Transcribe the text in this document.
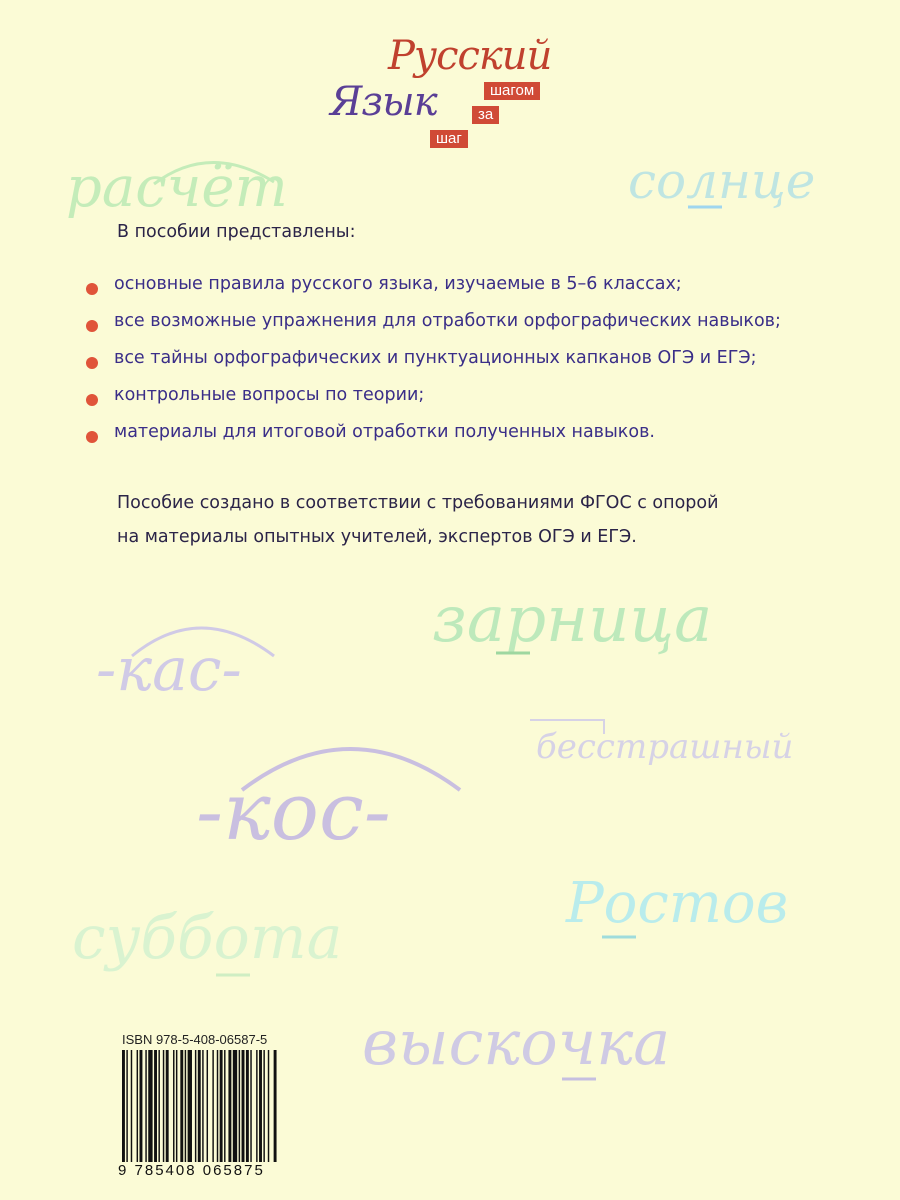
Русский
Язык	шагом
за
шаг
расчёт	солнце
-кас-
зарница
бесстрашный
-кос-
Ростов
суббота
выскочка

В пособии представлены:

основные правила русского языка, изучаемые в 5–6 классах;
все возможные упражнения для отработки орфографических навыков;
все тайны орфографических и пунктуационных капканов ОГЭ и ЕГЭ;
контрольные вопросы по теории;
материалы для итоговой отработки полученных навыков.

Пособие создано в соответствии с требованиями ФГОС с опорой
на материалы опытных учителей, экспертов ОГЭ и ЕГЭ.

ISBN 978-5-408-06587-5
9 785408 065875
